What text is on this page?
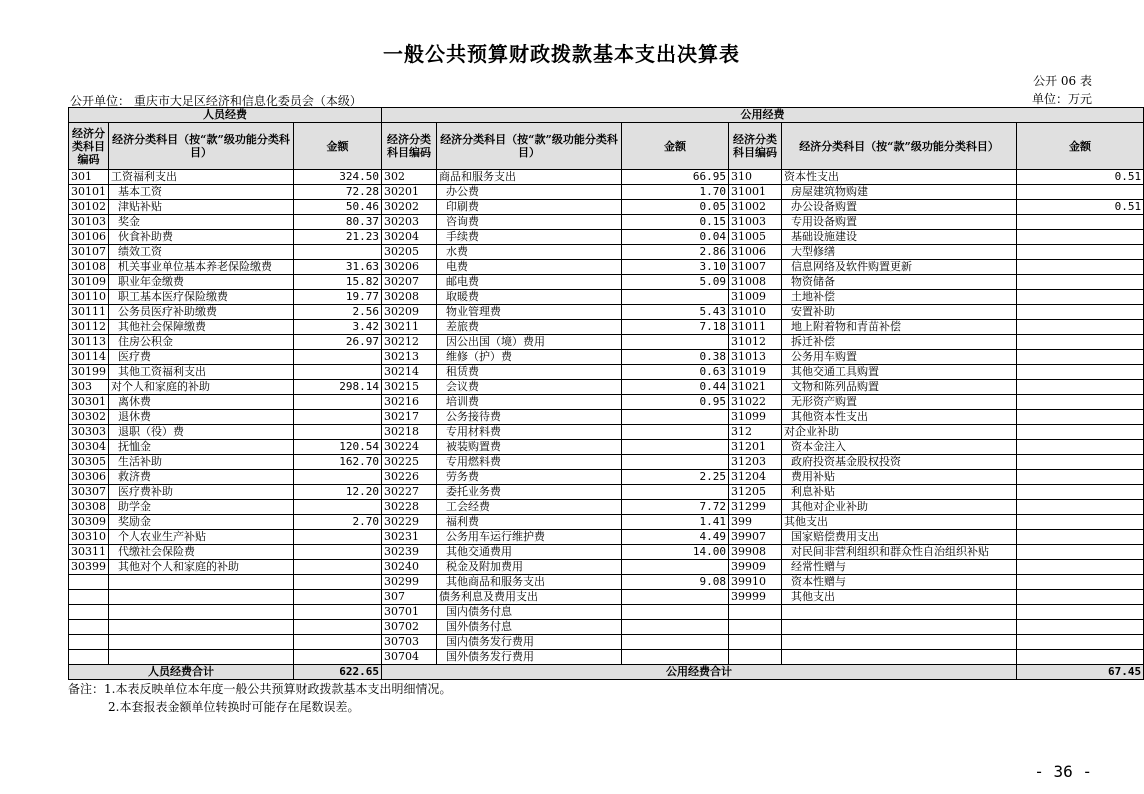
一般公共预算财政拨款基本支出决算表
公开 06 表
公开单位： 重庆市大足区经济和信息化委员会（本级）	单位：万元
人员经费			公用经费					
经济分类科目编码	经济分类科目（按“款”级功能分类科目）	金额	经济分类科目编码	经济分类科目（按“款”级功能分类科目）	金额	经济分类科目编码	经济分类科目（按“款”级功能分类科目）	金额
301	工资福利支出	324.50	302	商品和服务支出	66.95	310	资本性支出	0.51
30101	基本工资	72.28	30201	办公费	1.70	31001	房屋建筑物购建	
30102	津贴补贴	50.46	30202	印刷费	0.05	31002	办公设备购置	0.51
30103	奖金	80.37	30203	咨询费	0.15	31003	专用设备购置	
30106	伙食补助费	21.23	30204	手续费	0.04	31005	基础设施建设	
30107	绩效工资		30205	水费	2.86	31006	大型修缮	
30108	机关事业单位基本养老保险缴费	31.63	30206	电费	3.10	31007	信息网络及软件购置更新	
30109	职业年金缴费	15.82	30207	邮电费	5.09	31008	物资储备	
30110	职工基本医疗保险缴费	19.77	30208	取暖费		31009	土地补偿	
30111	公务员医疗补助缴费	2.56	30209	物业管理费	5.43	31010	安置补助	
30112	其他社会保障缴费	3.42	30211	差旅费	7.18	31011	地上附着物和青苗补偿	
30113	住房公积金	26.97	30212	因公出国（境）费用		31012	拆迁补偿	
30114	医疗费		30213	维修（护）费	0.38	31013	公务用车购置	
30199	其他工资福利支出		30214	租赁费	0.63	31019	其他交通工具购置	
303	对个人和家庭的补助	298.14	30215	会议费	0.44	31021	文物和陈列品购置	
30301	离休费		30216	培训费	0.95	31022	无形资产购置	
30302	退休费		30217	公务接待费		31099	其他资本性支出	
30303	退职（役）费		30218	专用材料费		312	对企业补助	
30304	抚恤金	120.54	30224	被装购置费		31201	资本金注入	
30305	生活补助	162.70	30225	专用燃料费		31203	政府投资基金股权投资	
30306	救济费		30226	劳务费	2.25	31204	费用补贴	
30307	医疗费补助	12.20	30227	委托业务费		31205	利息补贴	
30308	助学金		30228	工会经费	7.72	31299	其他对企业补助	
30309	奖励金	2.70	30229	福利费	1.41	399	其他支出	
30310	个人农业生产补贴		30231	公务用车运行维护费	4.49	39907	国家赔偿费用支出	
30311	代缴社会保险费		30239	其他交通费用	14.00	39908	对民间非营利组织和群众性自治组织补贴	
30399	其他对个人和家庭的补助		30240	税金及附加费用		39909	经常性赠与	
			30299	其他商品和服务支出	9.08	39910	资本性赠与	
			307	债务利息及费用支出		39999	其他支出	
			30701	国内债务付息				
			30702	国外债务付息				
			30703	国内债务发行费用				
			30704	国外债务发行费用				
人员经费合计		622.65	公用经费合计					67.45
备注：1.本表反映单位本年度一般公共预算财政拨款基本支出明细情况。
2.本套报表金额单位转换时可能存在尾数误差。
- 36 -
